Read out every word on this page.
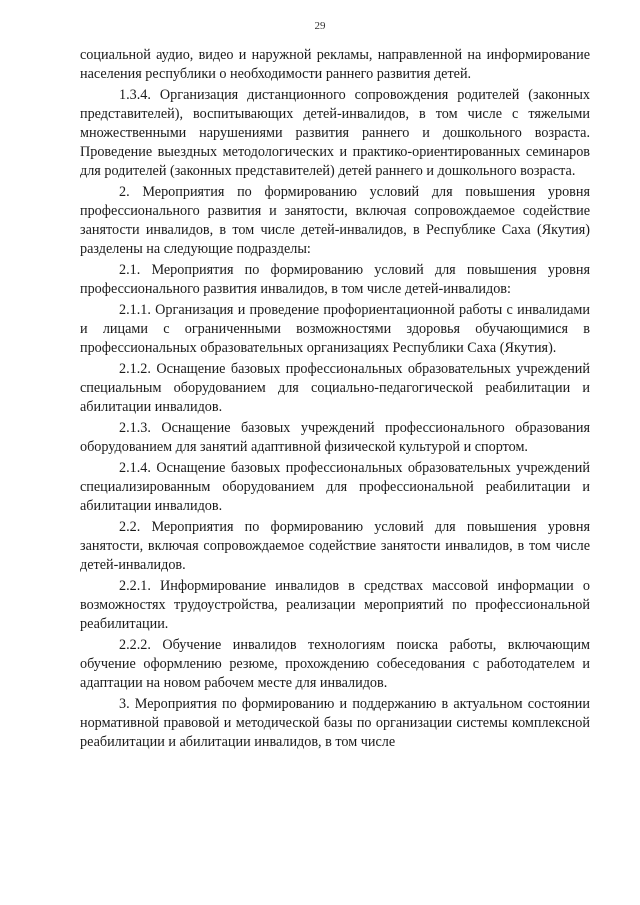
29

социальной аудио, видео и наружной рекламы, направленной на информирование населения республики о необходимости раннего развития детей.

1.3.4. Организация дистанционного сопровождения родителей (законных представителей), воспитывающих детей-инвалидов, в том числе с тяжелыми множественными нарушениями развития раннего и дошкольного возраста. Проведение выездных методологических и практико-ориентированных семинаров для родителей (законных представителей) детей раннего и дошкольного возраста.

2. Мероприятия по формированию условий для повышения уровня профессионального развития и занятости, включая сопровождаемое содействие занятости инвалидов, в том числе детей-инвалидов, в Республике Саха (Якутия) разделены на следующие подразделы:

2.1. Мероприятия по формированию условий для повышения уровня профессионального развития инвалидов, в том числе детей-инвалидов:

2.1.1. Организация и проведение профориентационной работы с инвалидами и лицами с ограниченными возможностями здоровья обучающимися в профессиональных образовательных организациях Республики Саха (Якутия).

2.1.2. Оснащение базовых профессиональных образовательных учреждений специальным оборудованием для социально-педагогической реабилитации и абилитации инвалидов.

2.1.3. Оснащение базовых учреждений профессионального образования оборудованием для занятий адаптивной физической культурой и спортом.

2.1.4. Оснащение базовых профессиональных образовательных учреждений специализированным оборудованием для профессиональной реабилитации и абилитации инвалидов.

2.2. Мероприятия по формированию условий для повышения уровня занятости, включая сопровождаемое содействие занятости инвалидов, в том числе детей-инвалидов.

2.2.1. Информирование инвалидов в средствах массовой информации о возможностях трудоустройства, реализации мероприятий по профессиональной реабилитации.

2.2.2. Обучение инвалидов технологиям поиска работы, включающим обучение оформлению резюме, прохождению собеседования с работодателем и адаптации на новом рабочем месте для инвалидов.

3. Мероприятия по формированию и поддержанию в актуальном состоянии нормативной правовой и методической базы по организации системы комплексной реабилитации и абилитации инвалидов, в том числе
